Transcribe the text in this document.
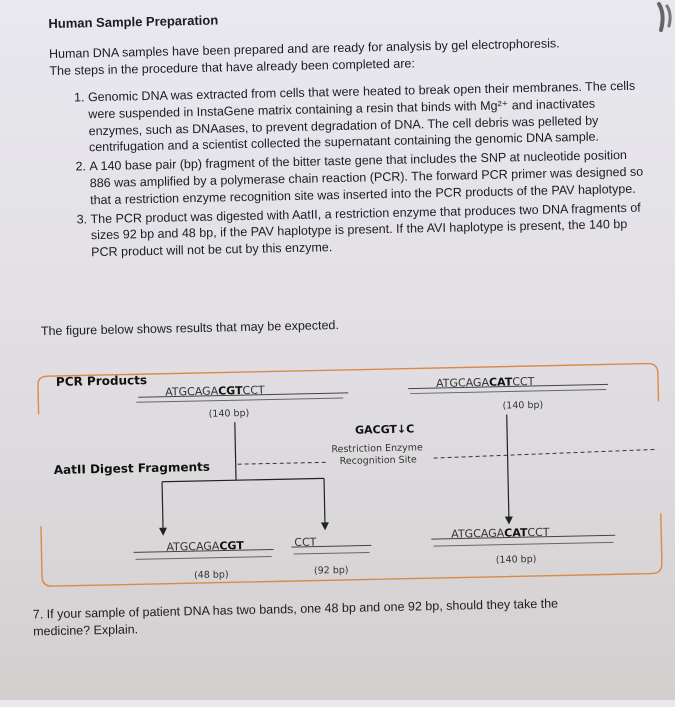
Human Sample Preparation
Human DNA samples have been prepared and are ready for analysis by gel electrophoresis.
The steps in the procedure that have already been completed are:
1. Genomic DNA was extracted from cells that were heated to break open their membranes. The cells were suspended in InstaGene matrix containing a resin that binds with Mg²⁺ and inactivates enzymes, such as DNAases, to prevent degradation of DNA. The cell debris was pelleted by centrifugation and a scientist collected the supernatant containing the genomic DNA sample.
2. A 140 base pair (bp) fragment of the bitter taste gene that includes the SNP at nucleotide position 886 was amplified by a polymerase chain reaction (PCR). The forward PCR primer was designed so that a restriction enzyme recognition site was inserted into the PCR products of the PAV haplotype.
3. The PCR product was digested with AatII, a restriction enzyme that produces two DNA fragments of sizes 92 bp and 48 bp, if the PAV haplotype is present. If the AVI haplotype is present, the 140 bp PCR product will not be cut by this enzyme.
The figure below shows results that may be expected.
PCR Products
ATGCAGACGTCCT
(140 bp)
ATGCAGACATCCT
(140 bp)
GACGT↓C
Restriction Enzyme
Recognition Site
AatII Digest Fragments
ATGCAGACGT
(48 bp)
CCT
(92 bp)
ATGCAGACATCCT
(140 bp)
7. If your sample of patient DNA has two bands, one 48 bp and one 92 bp, should they take the
medicine? Explain.
